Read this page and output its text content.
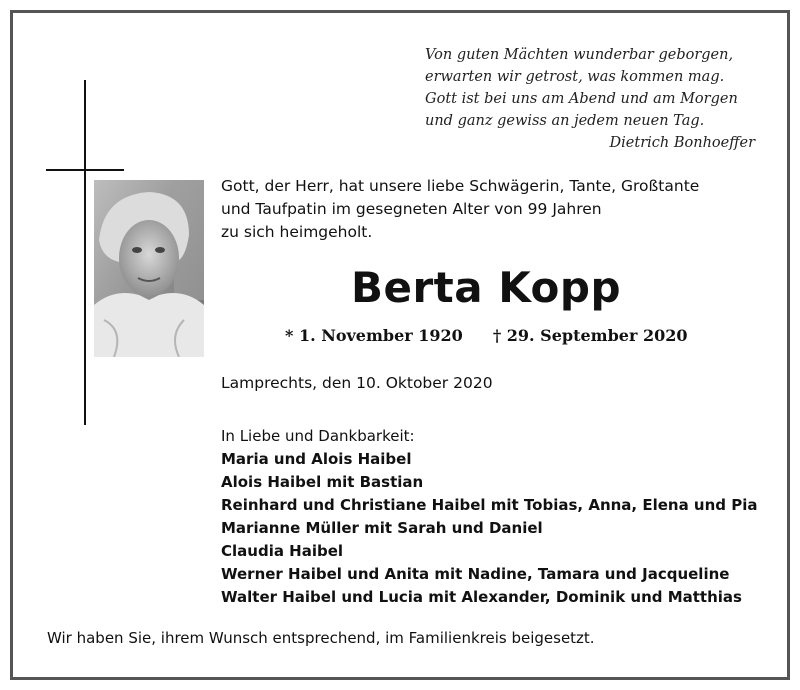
Von guten Mächten wunderbar geborgen,
erwarten wir getrost, was kommen mag.
Gott ist bei uns am Abend und am Morgen
und ganz gewiss an jedem neuen Tag.
Dietrich Bonhoeffer
Gott, der Herr, hat unsere liebe Schwägerin, Tante, Großtante
und Taufpatin im gesegneten Alter von 99 Jahren
zu sich heimgeholt.
Berta Kopp
* 1. November 1920 † 29. September 2020
Lamprechts, den 10. Oktober 2020
In Liebe und Dankbarkeit:
Maria und Alois Haibel
Alois Haibel mit Bastian
Reinhard und Christiane Haibel mit Tobias, Anna, Elena und Pia
Marianne Müller mit Sarah und Daniel
Claudia Haibel
Werner Haibel und Anita mit Nadine, Tamara und Jacqueline
Walter Haibel und Lucia mit Alexander, Dominik und Matthias
Wir haben Sie, ihrem Wunsch entsprechend, im Familienkreis beigesetzt.
